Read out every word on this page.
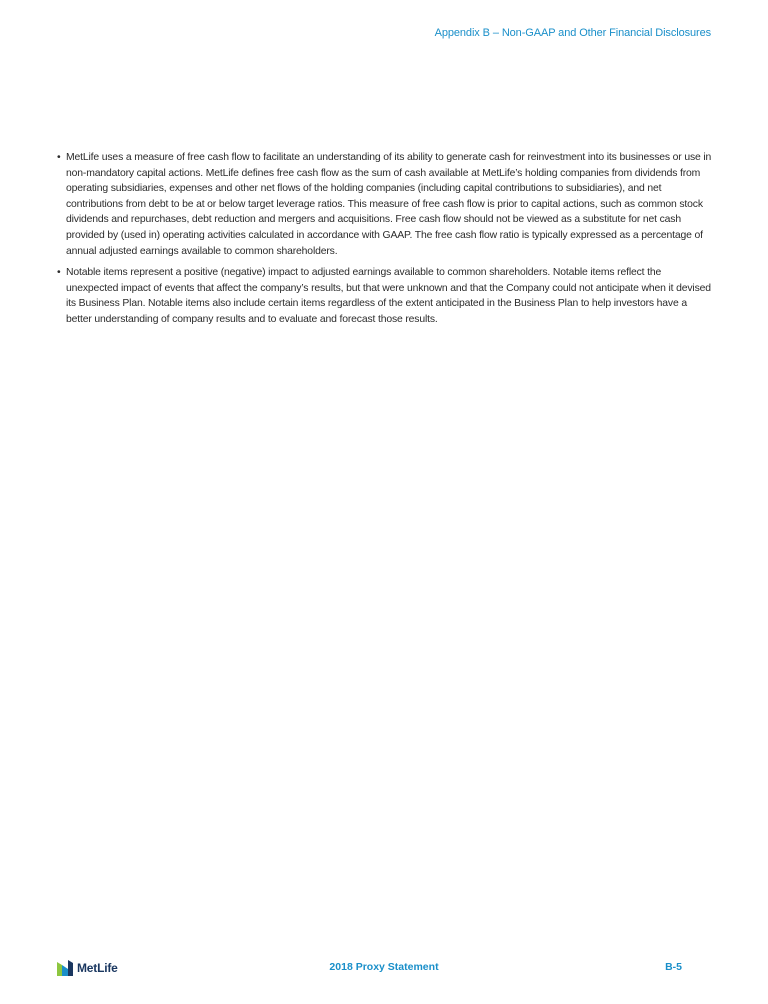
Appendix B – Non-GAAP and Other Financial Disclosures
• MetLife uses a measure of free cash flow to facilitate an understanding of its ability to generate cash for reinvestment into its businesses or use in non-mandatory capital actions. MetLife defines free cash flow as the sum of cash available at MetLife’s holding companies from dividends from operating subsidiaries, expenses and other net flows of the holding companies (including capital contributions to subsidiaries), and net contributions from debt to be at or below target leverage ratios. This measure of free cash flow is prior to capital actions, such as common stock dividends and repurchases, debt reduction and mergers and acquisitions. Free cash flow should not be viewed as a substitute for net cash provided by (used in) operating activities calculated in accordance with GAAP. The free cash flow ratio is typically expressed as a percentage of annual adjusted earnings available to common shareholders.
• Notable items represent a positive (negative) impact to adjusted earnings available to common shareholders. Notable items reflect the unexpected impact of events that affect the company’s results, but that were unknown and that the Company could not anticipate when it devised its Business Plan. Notable items also include certain items regardless of the extent anticipated in the Business Plan to help investors have a better understanding of company results and to evaluate and forecast those results.
MetLife	2018 Proxy Statement	B-5
